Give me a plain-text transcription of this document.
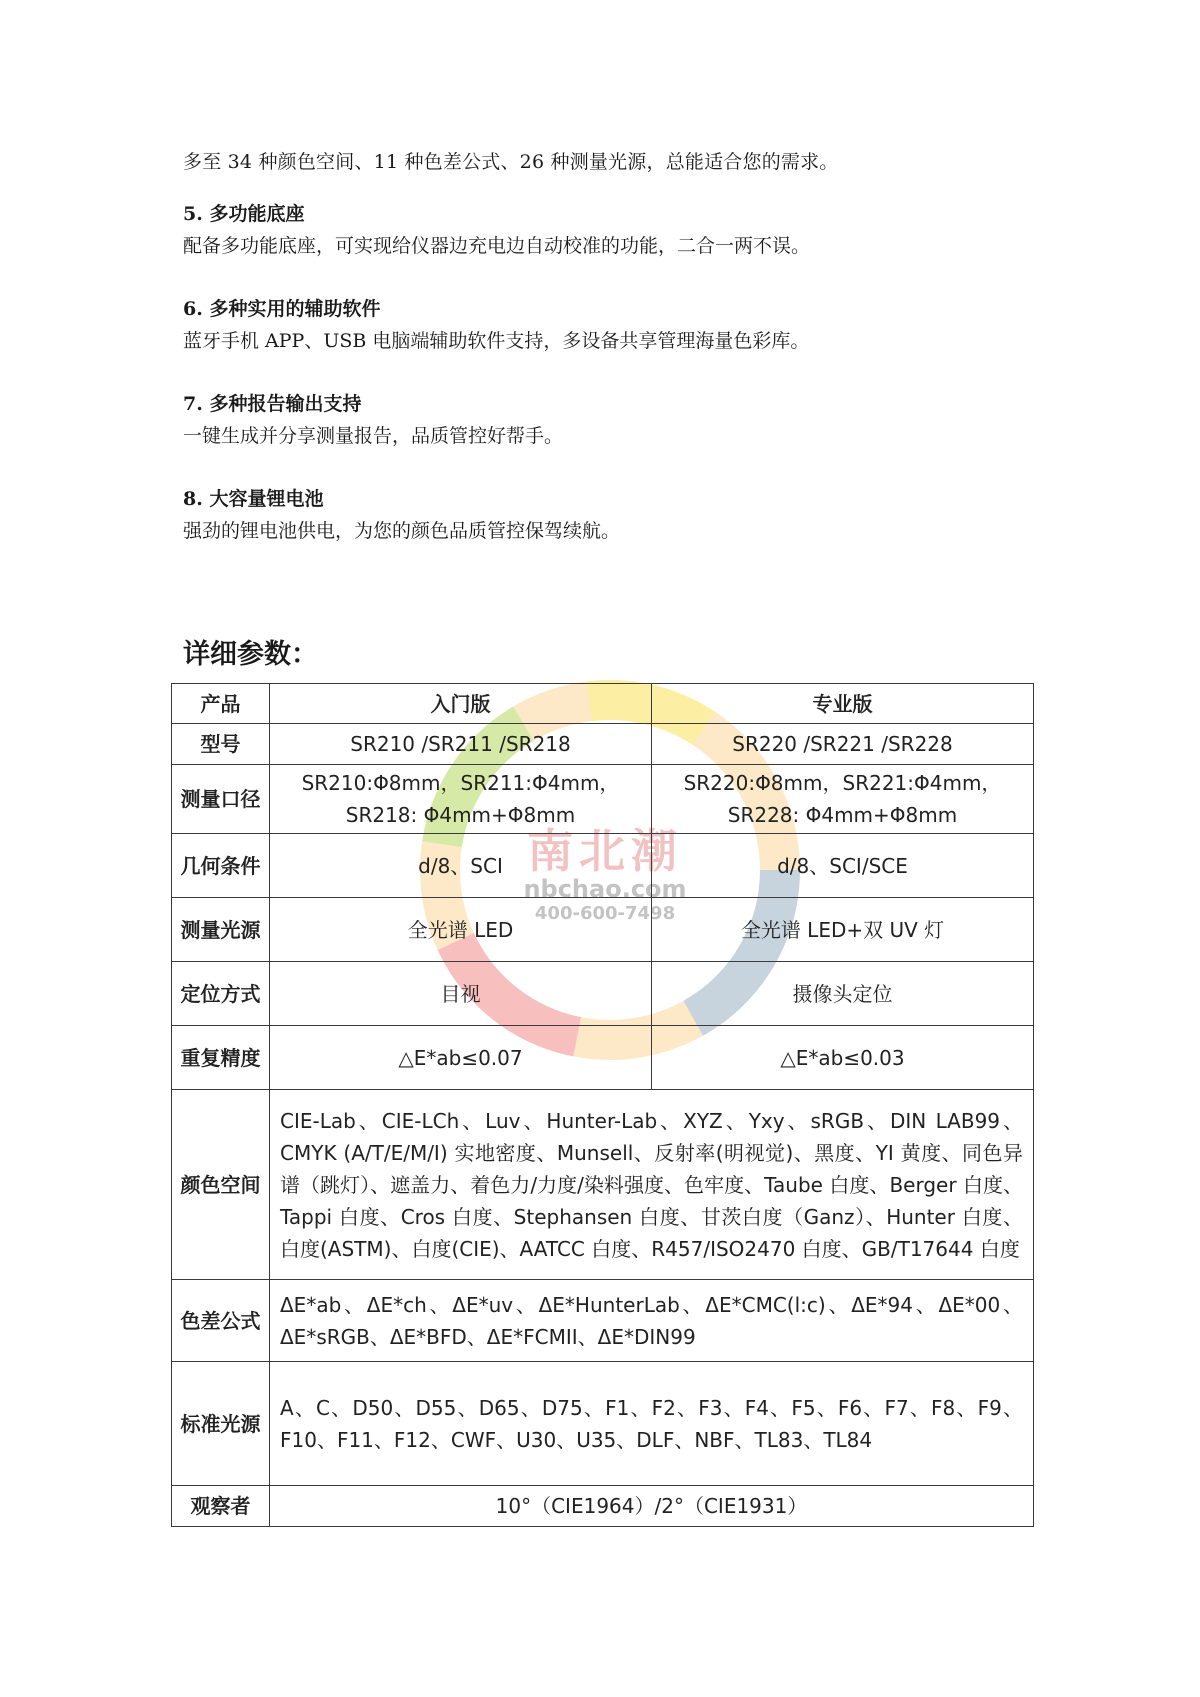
多至 34 种颜色空间、11 种色差公式、26 种测量光源，总能适合您的需求。
5. 多功能底座
配备多功能底座，可实现给仪器边充电边自动校准的功能，二合一两不误。
6. 多种实用的辅助软件
蓝牙手机 APP、USB 电脑端辅助软件支持，多设备共享管理海量色彩库。
7. 多种报告输出支持
一键生成并分享测量报告，品质管控好帮手。
8. 大容量锂电池
强劲的锂电池供电，为您的颜色品质管控保驾续航。
详细参数：
南北潮
nbchao.com
400-600-7498
产品	入门版	专业版
型号	SR210 /SR211 /SR218	SR220 /SR221 /SR228
测量口径	SR210:Φ8mm，SR211:Φ4mm，SR218: Φ4mm+Φ8mm	SR220:Φ8mm，SR221:Φ4mm，SR228: Φ4mm+Φ8mm
几何条件	d/8、SCI	d/8、SCI/SCE
测量光源	全光谱 LED	全光谱 LED+双 UV 灯
定位方式	目视	摄像头定位
重复精度	△E*ab≤0.07	△E*ab≤0.03
颜色空间	CIE-Lab、CIE-LCh、Luv、Hunter-Lab、XYZ、Yxy、sRGB、DIN LAB99、CMYK (A/T/E/M/I) 实地密度、Munsell、反射率(明视觉)、黑度、YI 黄度、同色异谱（跳灯）、遮盖力、着色力/力度/染料强度、色牢度、Taube 白度、Berger 白度、Tappi 白度、Cros 白度、Stephansen 白度、甘茨白度（Ganz）、Hunter 白度、白度(ASTM)、白度(CIE)、AATCC 白度、R457/ISO2470 白度、GB/T17644 白度	
色差公式	ΔE*ab、ΔE*ch、ΔE*uv、ΔE*HunterLab、ΔE*CMC(l:c)、ΔE*94、ΔE*00、ΔE*sRGB、ΔE*BFD、ΔE*FCMII、ΔE*DIN99	
标准光源	A、C、D50、D55、D65、D75、F1、F2、F3、F4、F5、F6、F7、F8、F9、F10、F11、F12、CWF、U30、U35、DLF、NBF、TL83、TL84	
观察者	10°（CIE1964）/2°（CIE1931）	
